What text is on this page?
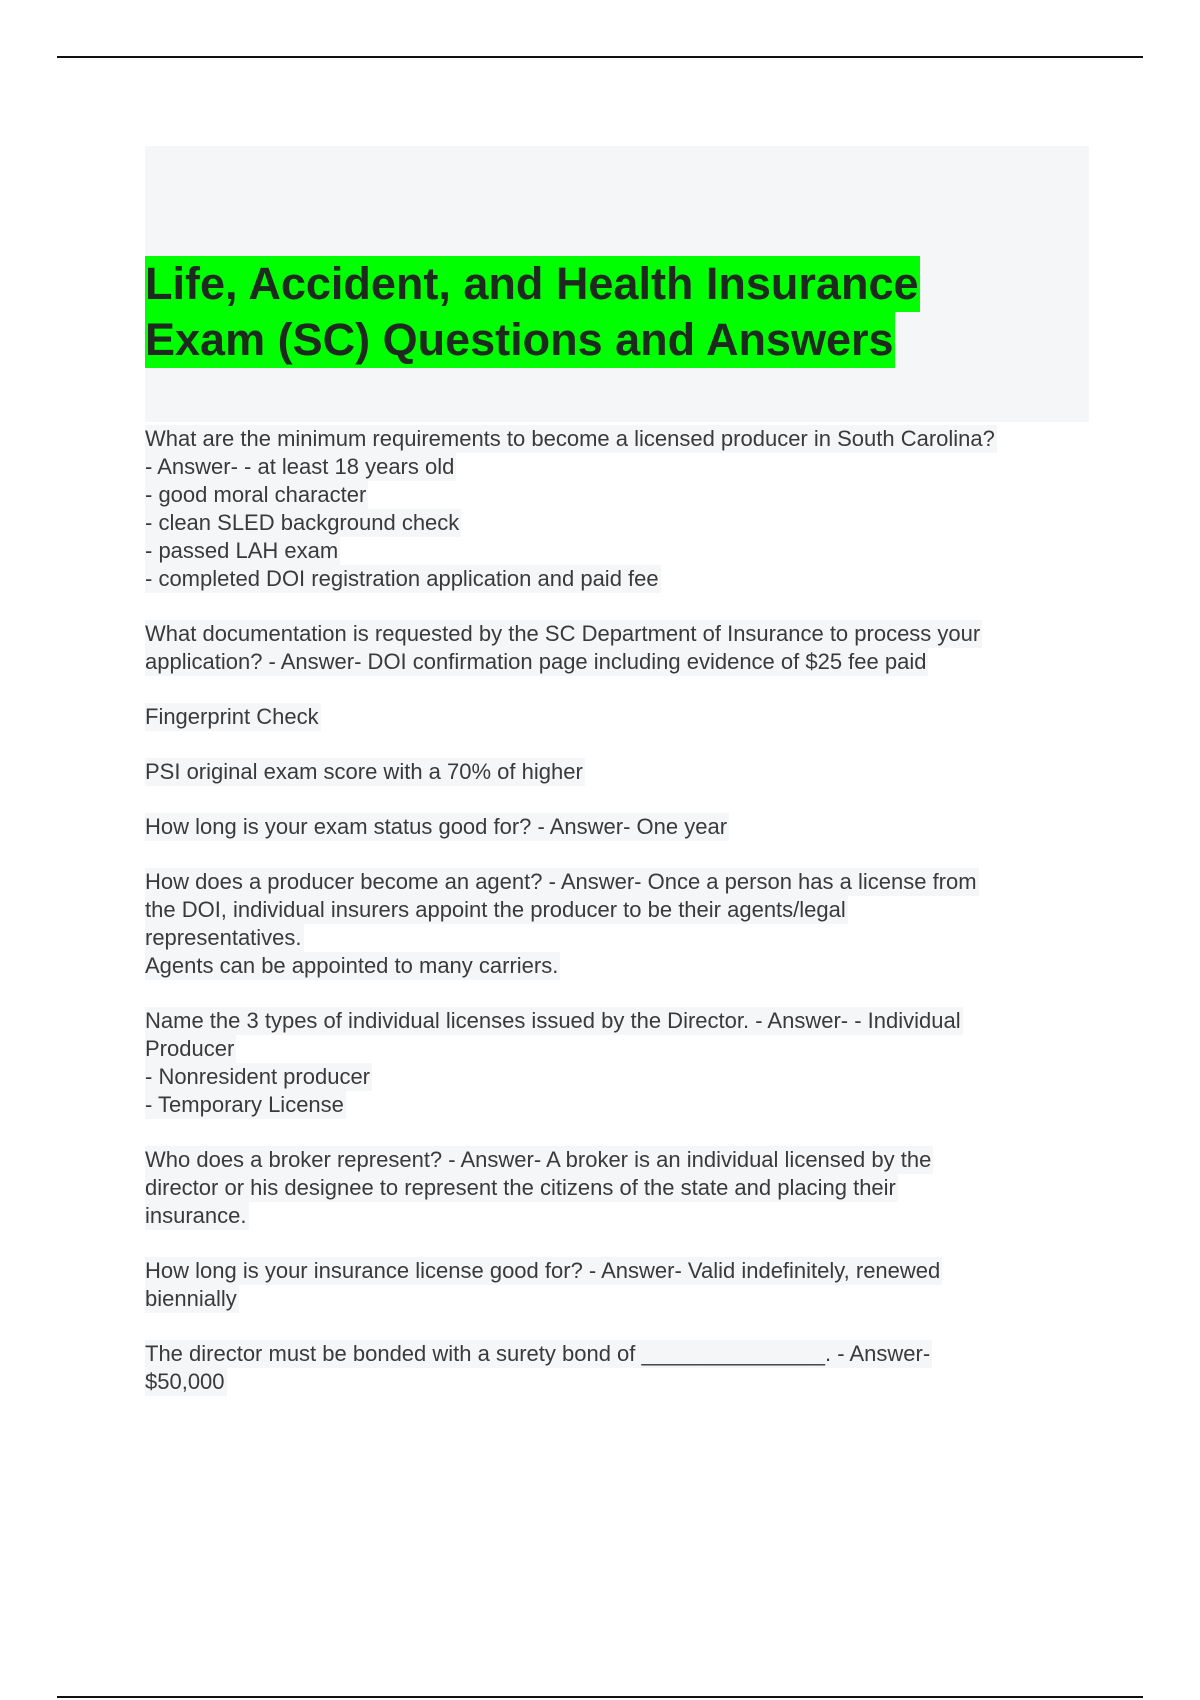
Life, Accident, and Health Insurance
Exam (SC) Questions and Answers
What are the minimum requirements to become a licensed producer in South Carolina?
- Answer- - at least 18 years old
- good moral character
- clean SLED background check
- passed LAH exam
- completed DOI registration application and paid fee
What documentation is requested by the SC Department of Insurance to process your
application? - Answer- DOI confirmation page including evidence of $25 fee paid
Fingerprint Check
PSI original exam score with a 70% of higher
How long is your exam status good for? - Answer- One year
How does a producer become an agent? - Answer- Once a person has a license from
the DOI, individual insurers appoint the producer to be their agents/legal
representatives.
Agents can be appointed to many carriers.
Name the 3 types of individual licenses issued by the Director. - Answer- - Individual
Producer
- Nonresident producer
- Temporary License
Who does a broker represent? - Answer- A broker is an individual licensed by the
director or his designee to represent the citizens of the state and placing their
insurance.
How long is your insurance license good for? - Answer- Valid indefinitely, renewed
biennially
The director must be bonded with a surety bond of _______________. - Answer-
$50,000
